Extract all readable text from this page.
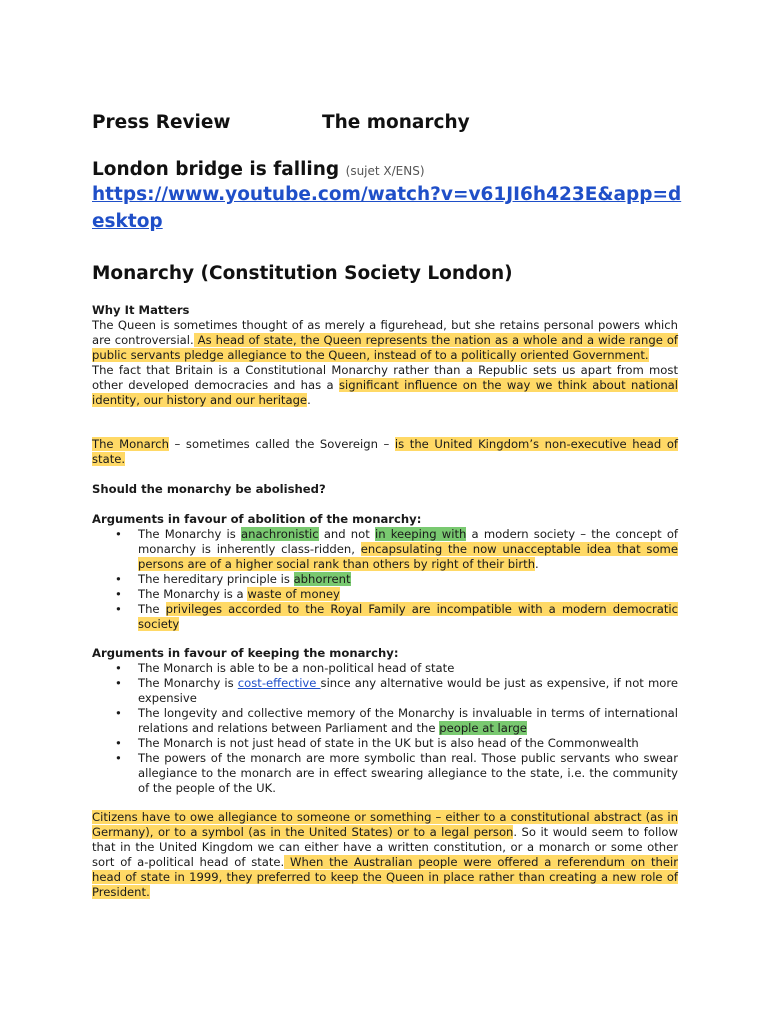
Press Review	The monarchy
London bridge is falling (sujet X/ENS)
https://www.youtube.com/watch?v=v61JI6h423E&app=desktop
Monarchy (Constitution Society London)
Why It Matters
The Queen is sometimes thought of as merely a figurehead, but she retains personal powers which are controversial. As head of state, the Queen represents the nation as a whole and a wide range of public servants pledge allegiance to the Queen, instead of to a politically oriented Government.
The fact that Britain is a Constitutional Monarchy rather than a Republic sets us apart from most other developed democracies and has a significant influence on the way we think about national identity, our history and our heritage.
The Monarch – sometimes called the Sovereign – is the United Kingdom’s non-executive head of state.
Should the monarchy be abolished?
Arguments in favour of abolition of the monarchy:
• The Monarchy is anachronistic and not in keeping with a modern society – the concept of monarchy is inherently class-ridden, encapsulating the now unacceptable idea that some persons are of a higher social rank than others by right of their birth.
• The hereditary principle is abhorrent
• The Monarchy is a waste of money
• The privileges accorded to the Royal Family are incompatible with a modern democratic society
Arguments in favour of keeping the monarchy:
• The Monarch is able to be a non-political head of state
• The Monarchy is cost-effective since any alternative would be just as expensive, if not more expensive
• The longevity and collective memory of the Monarchy is invaluable in terms of international relations and relations between Parliament and the people at large
• The Monarch is not just head of state in the UK but is also head of the Commonwealth
• The powers of the monarch are more symbolic than real. Those public servants who swear allegiance to the monarch are in effect swearing allegiance to the state, i.e. the community of the people of the UK.
Citizens have to owe allegiance to someone or something – either to a constitutional abstract (as in Germany), or to a symbol (as in the United States) or to a legal person. So it would seem to follow that in the United Kingdom we can either have a written constitution, or a monarch or some other sort of a-political head of state. When the Australian people were offered a referendum on their head of state in 1999, they preferred to keep the Queen in place rather than creating a new role of President.
